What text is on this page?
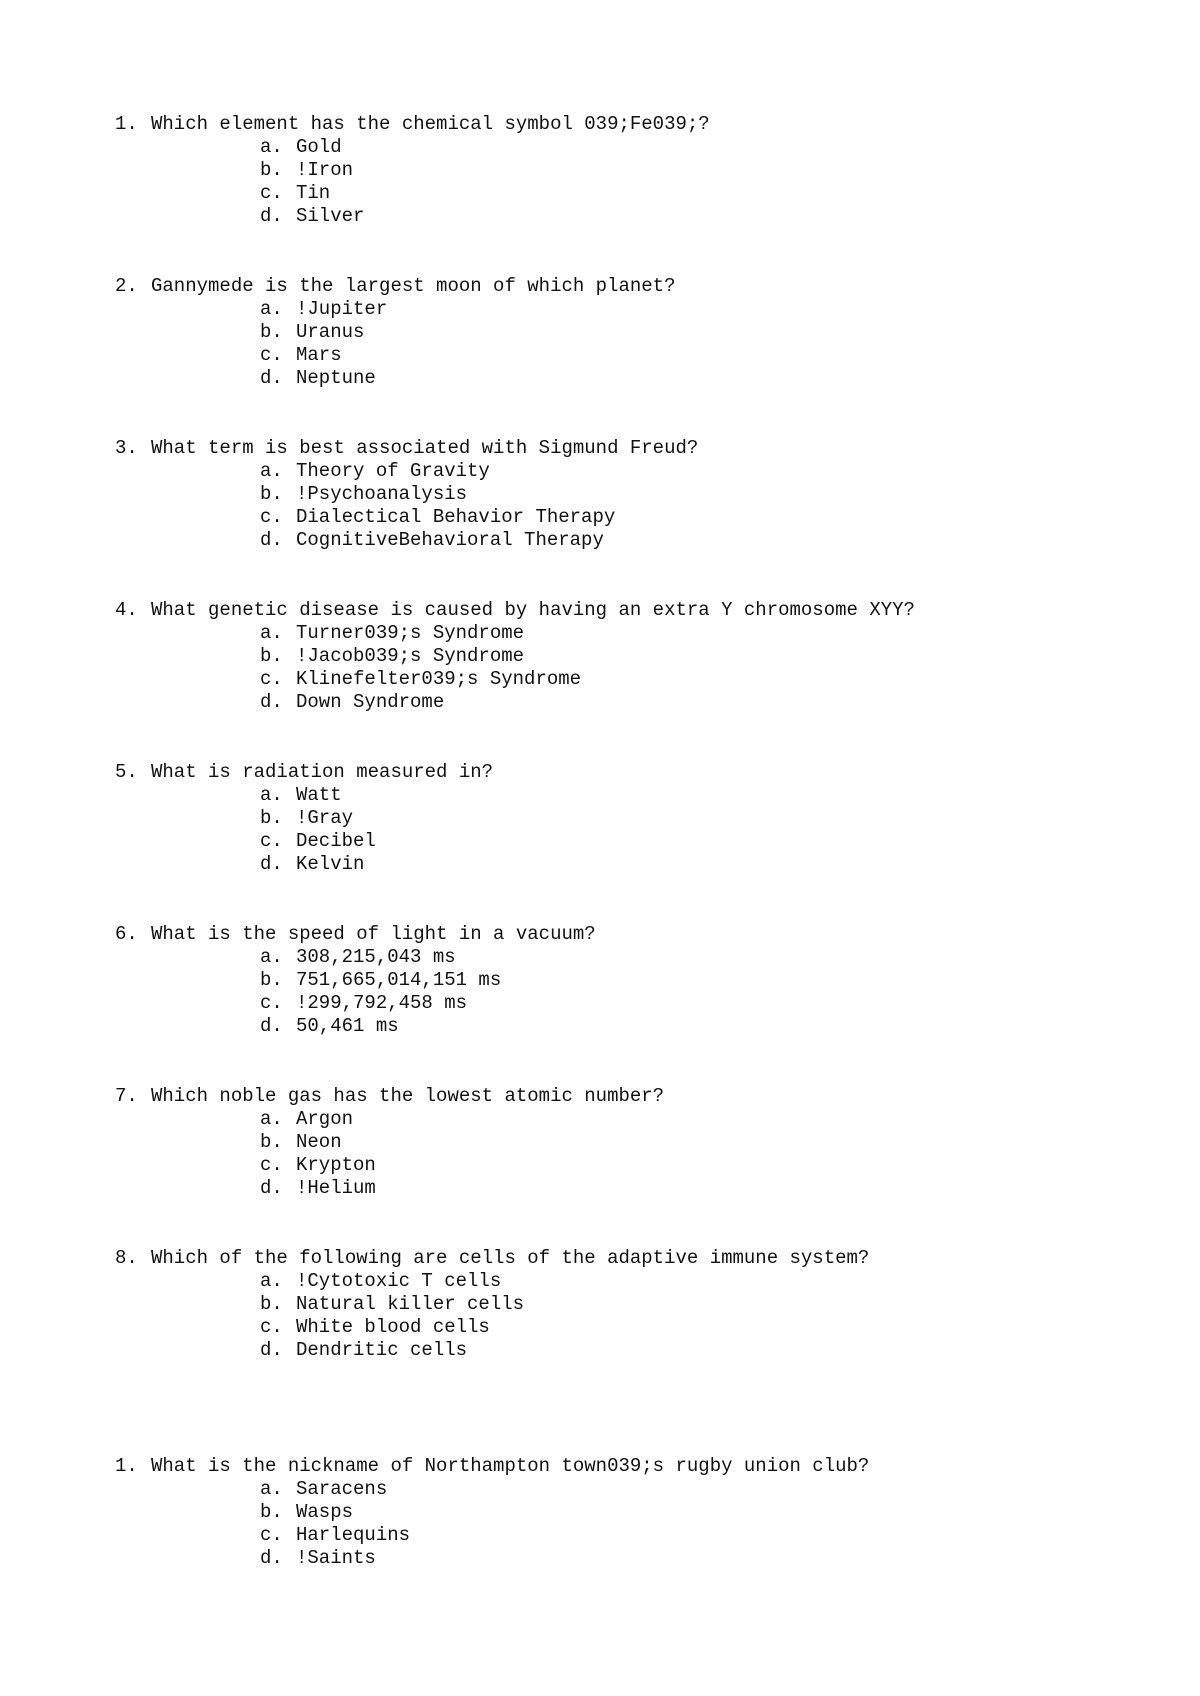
1. Which element has the chemical symbol 039;Fe039;?
a. Gold
b. !Iron
c. Tin
d. Silver
2. Gannymede is the largest moon of which planet?
a. !Jupiter
b. Uranus
c. Mars
d. Neptune
3. What term is best associated with Sigmund Freud?
a. Theory of Gravity
b. !Psychoanalysis
c. Dialectical Behavior Therapy
d. CognitiveBehavioral Therapy
4. What genetic disease is caused by having an extra Y chromosome XYY?
a. Turner039;s Syndrome
b. !Jacob039;s Syndrome
c. Klinefelter039;s Syndrome
d. Down Syndrome
5. What is radiation measured in?
a. Watt
b. !Gray
c. Decibel
d. Kelvin
6. What is the speed of light in a vacuum?
a. 308,215,043 ms
b. 751,665,014,151 ms
c. !299,792,458 ms
d. 50,461 ms
7. Which noble gas has the lowest atomic number?
a. Argon
b. Neon
c. Krypton
d. !Helium
8. Which of the following are cells of the adaptive immune system?
a. !Cytotoxic T cells
b. Natural killer cells
c. White blood cells
d. Dendritic cells
1. What is the nickname of Northampton town039;s rugby union club?
a. Saracens
b. Wasps
c. Harlequins
d. !Saints
